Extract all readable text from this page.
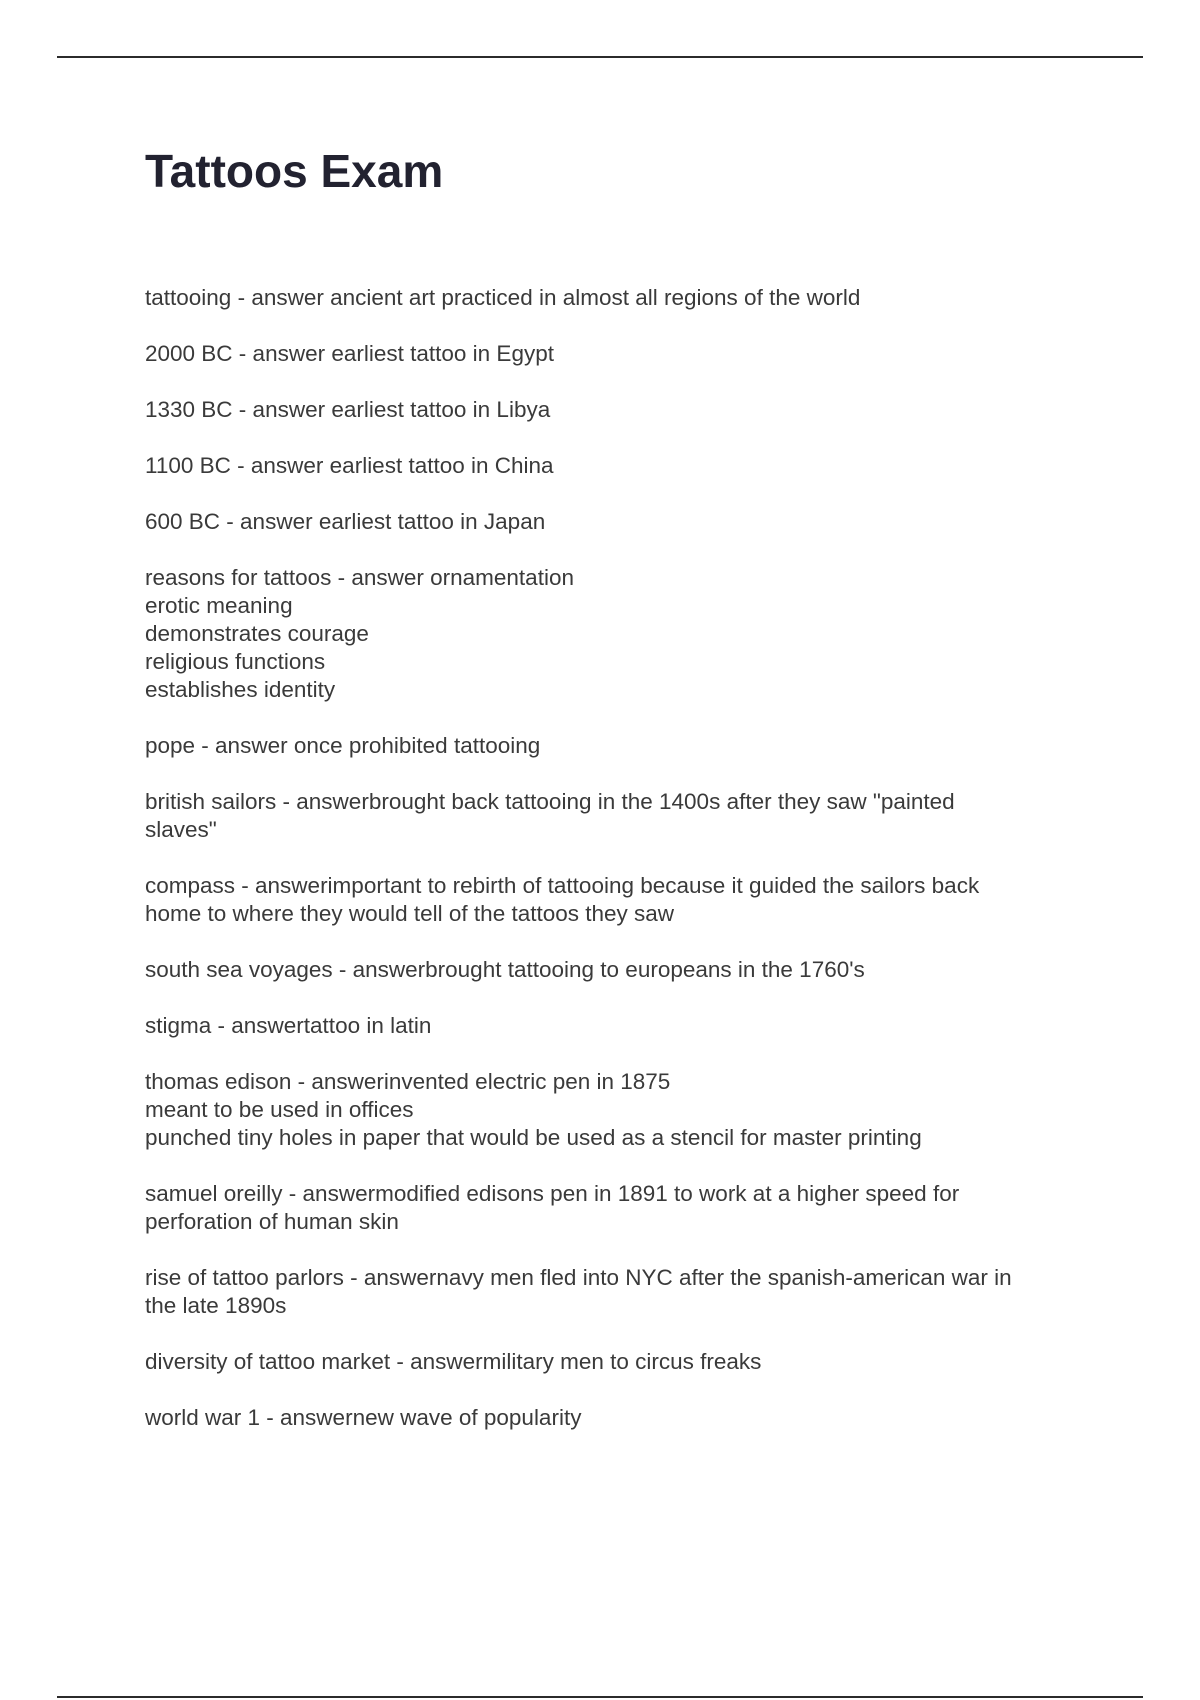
Tattoos Exam
tattooing - answer ancient art practiced in almost all regions of the world
2000 BC - answer earliest tattoo in Egypt
1330 BC - answer earliest tattoo in Libya
1100 BC - answer earliest tattoo in China
600 BC - answer earliest tattoo in Japan
reasons for tattoos - answer ornamentation
erotic meaning
demonstrates courage
religious functions
establishes identity
pope - answer once prohibited tattooing
british sailors - answerbrought back tattooing in the 1400s after they saw "painted
slaves"
compass - answerimportant to rebirth of tattooing because it guided the sailors back
home to where they would tell of the tattoos they saw
south sea voyages - answerbrought tattooing to europeans in the 1760's
stigma - answertattoo in latin
thomas edison - answerinvented electric pen in 1875
meant to be used in offices
punched tiny holes in paper that would be used as a stencil for master printing
samuel oreilly - answermodified edisons pen in 1891 to work at a higher speed for
perforation of human skin
rise of tattoo parlors - answernavy men fled into NYC after the spanish-american war in
the late 1890s
diversity of tattoo market - answermilitary men to circus freaks
world war 1 - answernew wave of popularity
